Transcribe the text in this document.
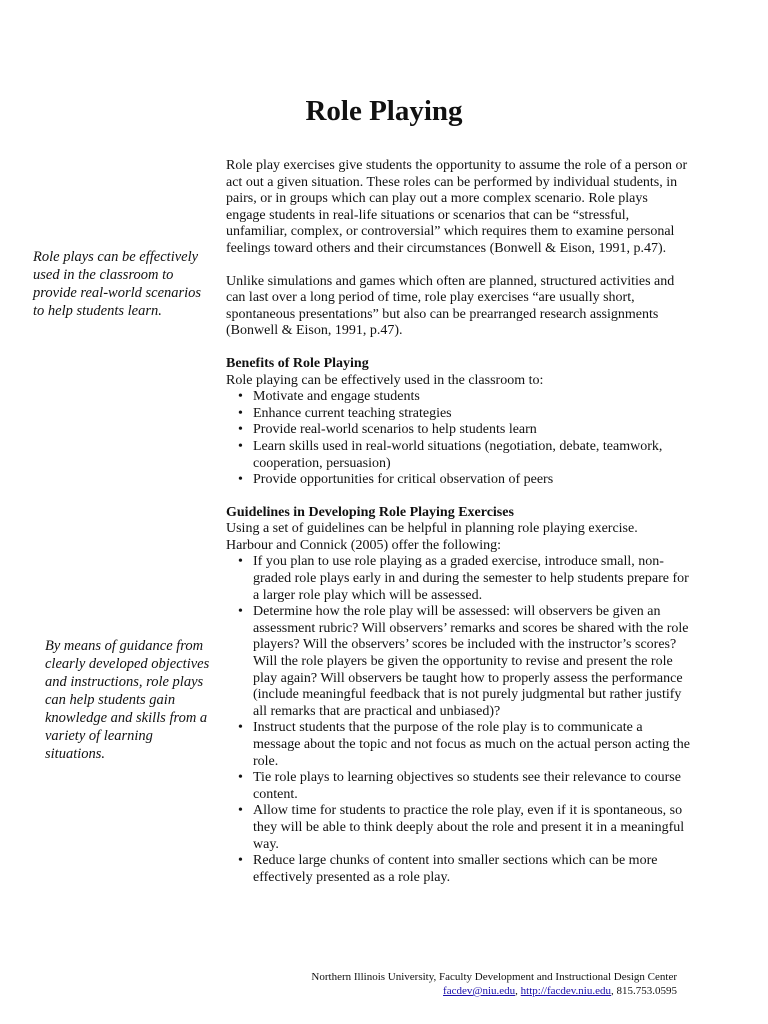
Role Playing

Role plays can be effectively used in the classroom to provide real-world scenarios to help students learn.

By means of guidance from clearly developed objectives and instructions, role plays can help students gain knowledge and skills from a variety of learning situations.

Role play exercises give students the opportunity to assume the role of a person or act out a given situation. These roles can be performed by individual students, in pairs, or in groups which can play out a more complex scenario. Role plays engage students in real-life situations or scenarios that can be “stressful, unfamiliar, complex, or controversial” which requires them to examine personal feelings toward others and their circumstances (Bonwell & Eison, 1991, p.47).

Unlike simulations and games which often are planned, structured activities and can last over a long period of time, role play exercises “are usually short, spontaneous presentations” but also can be prearranged research assignments (Bonwell & Eison, 1991, p.47).

Benefits of Role Playing

Role playing can be effectively used in the classroom to:

• Motivate and engage students
• Enhance current teaching strategies
• Provide real-world scenarios to help students learn
• Learn skills used in real-world situations (negotiation, debate, teamwork, cooperation, persuasion)
• Provide opportunities for critical observation of peers

Guidelines in Developing Role Playing Exercises

Using a set of guidelines can be helpful in planning role playing exercise.

Harbour and Connick (2005) offer the following:

• If you plan to use role playing as a graded exercise, introduce small, non-graded role plays early in and during the semester to help students prepare for a larger role play which will be assessed.
• Determine how the role play will be assessed: will observers be given an assessment rubric? Will observers’ remarks and scores be shared with the role players? Will the observers’ scores be included with the instructor’s scores? Will the role players be given the opportunity to revise and present the role play again? Will observers be taught how to properly assess the performance (include meaningful feedback that is not purely judgmental but rather justify all remarks that are practical and unbiased)?
• Instruct students that the purpose of the role play is to communicate a message about the topic and not focus as much on the actual person acting the role.
• Tie role plays to learning objectives so students see their relevance to course content.
• Allow time for students to practice the role play, even if it is spontaneous, so they will be able to think deeply about the role and present it in a meaningful way.
• Reduce large chunks of content into smaller sections which can be more effectively presented as a role play.
Northern Illinois University, Faculty Development and Instructional Design Center
facdev@niu.edu, http://facdev.niu.edu, 815.753.0595
